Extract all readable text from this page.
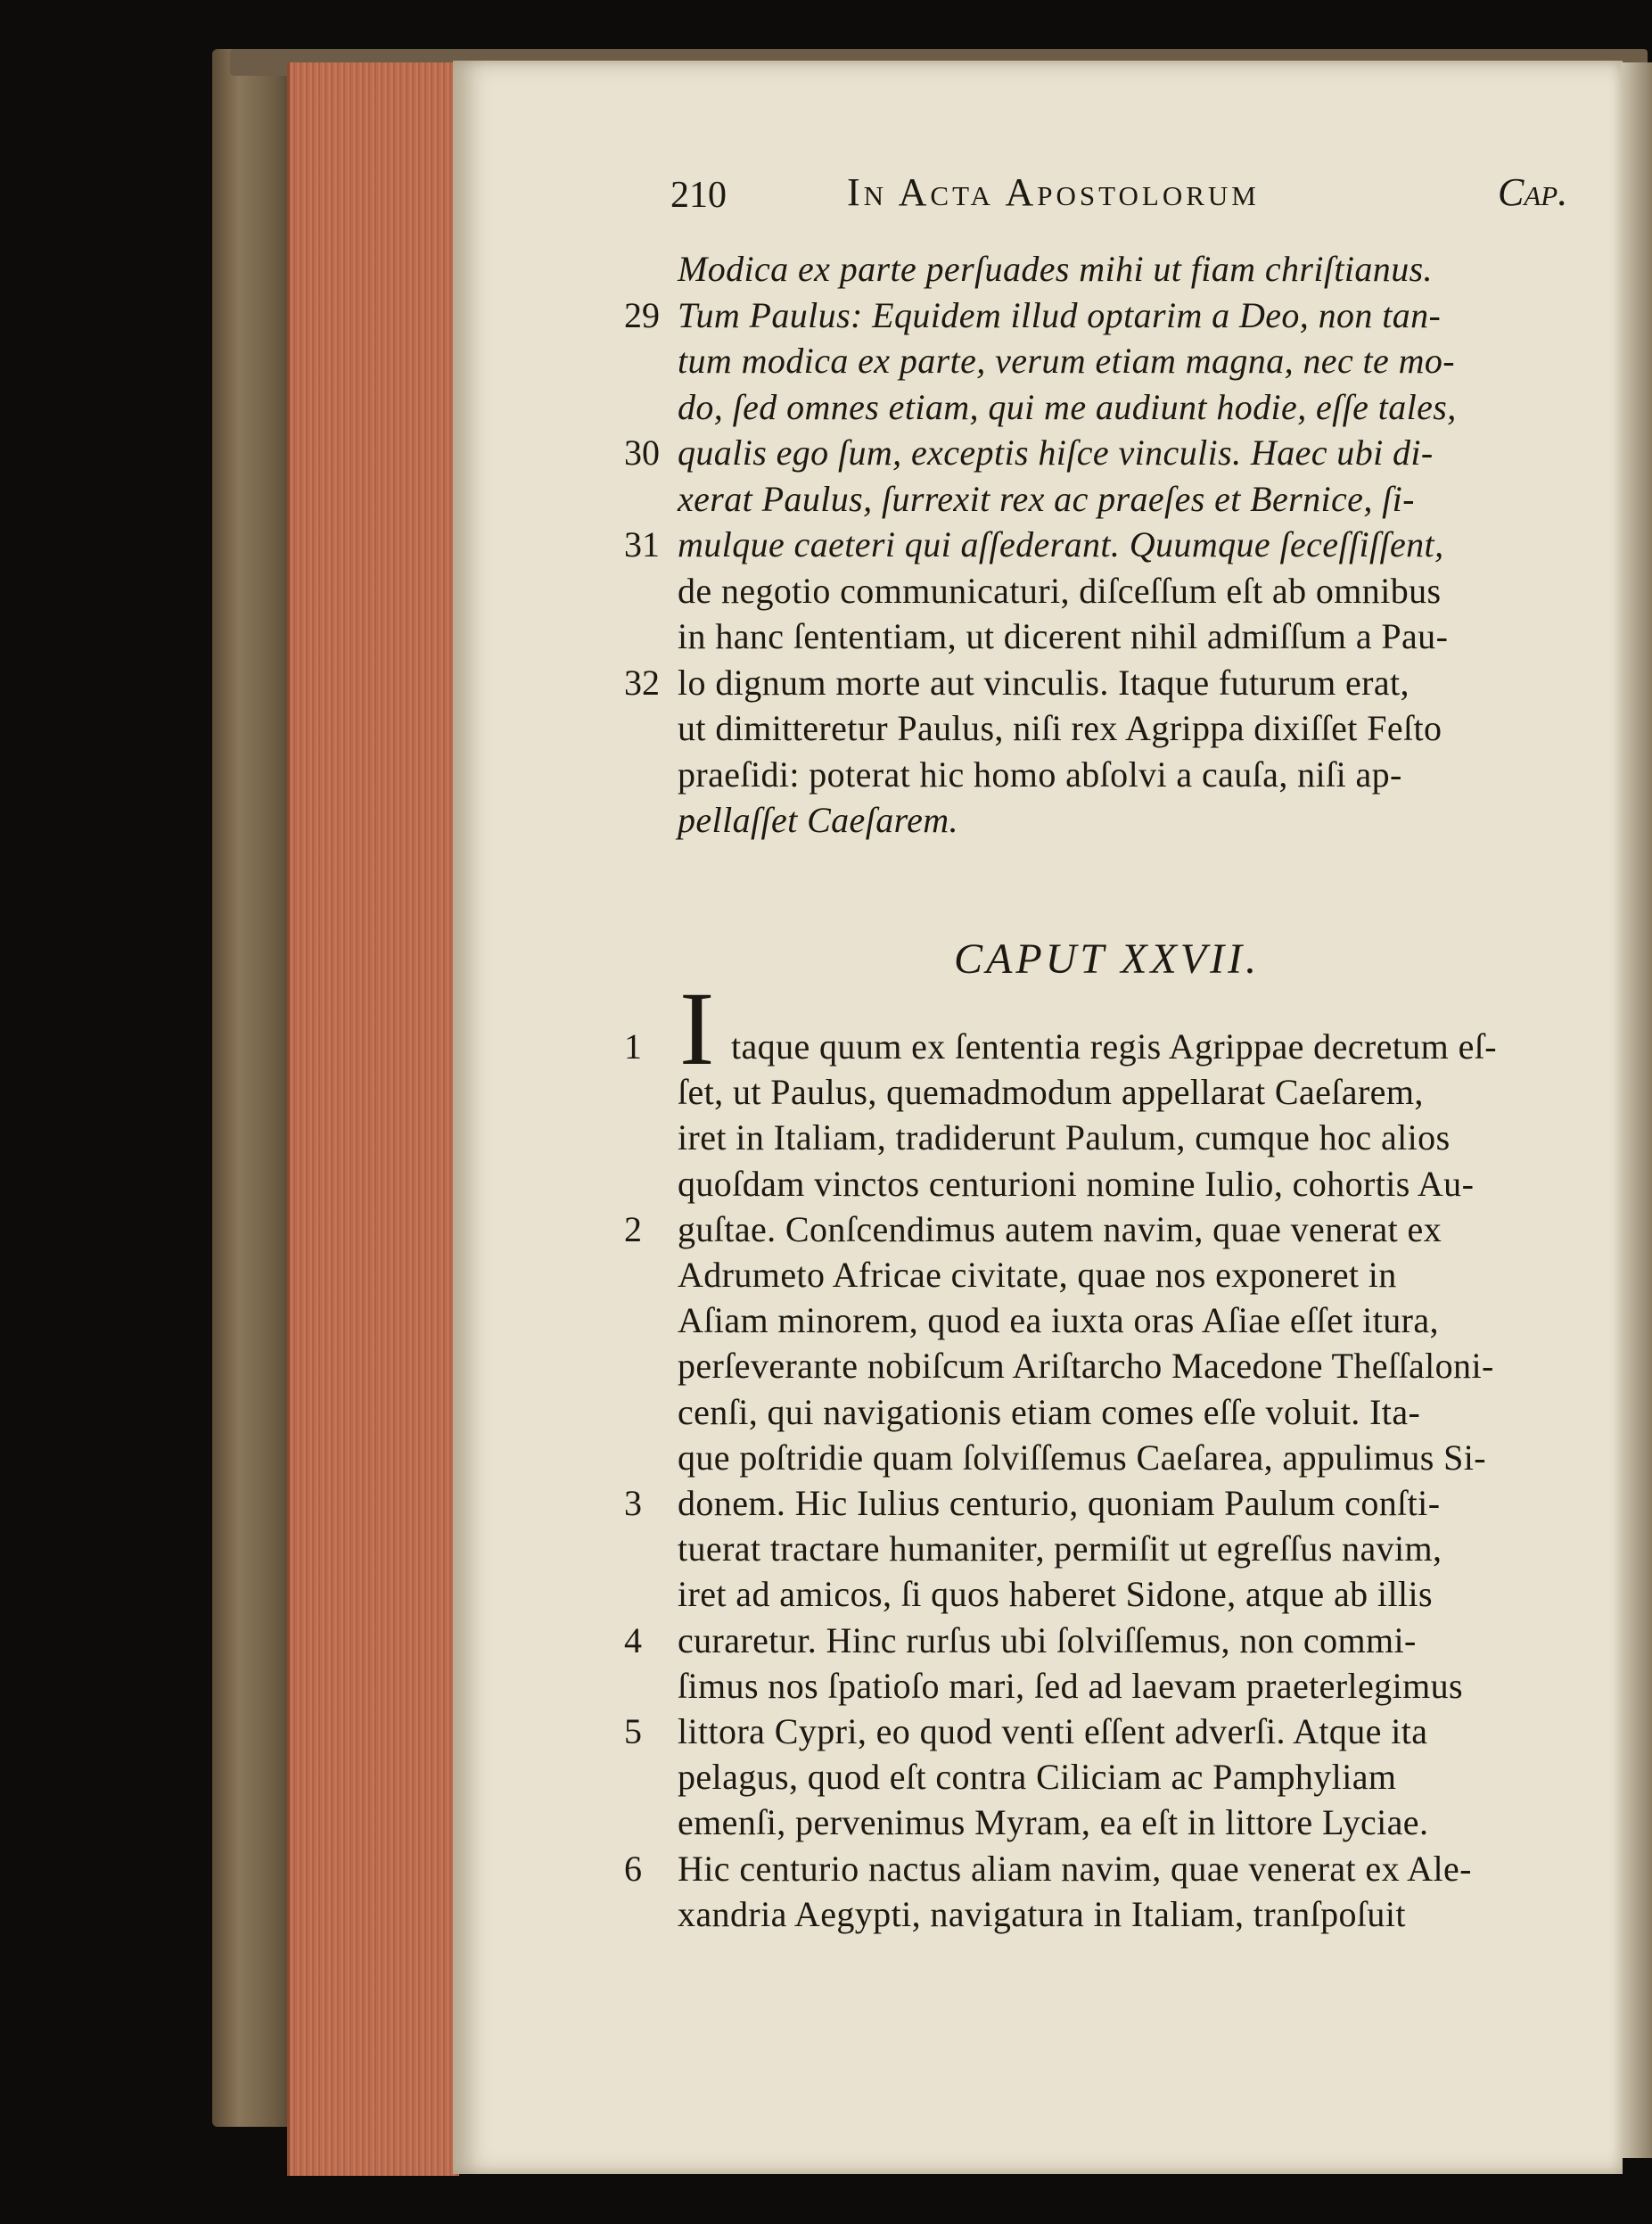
210	In Acta Apostolorum	Cap.
Modica ex parte perſuades mihi ut fiam chriſtianus.
29 Tum Paulus: Equidem illud optarim a Deo, non tan-
tum modica ex parte, verum etiam magna, nec te mo-
do, ſed omnes etiam, qui me audiunt hodie, eſſe tales,
30 qualis ego ſum, exceptis hiſce vinculis. Haec ubi di-
xerat Paulus, ſurrexit rex ac praeſes et Bernice, ſi-
31 mulque caeteri qui aſſederant. Quumque ſeceſſiſſent,
de negotio communicaturi, diſceſſum eſt ab omnibus
in hanc ſententiam, ut dicerent nihil admiſſum a Pau-
32 lo dignum morte aut vinculis. Itaque futurum erat,
ut dimitteretur Paulus, niſi rex Agrippa dixiſſet Feſto
praeſidi: poterat hic homo abſolvi a cauſa, niſi ap-
pellaſſet Caeſarem.
CAPUT XXVII.
I
1	taque quum ex ſententia regis Agrippae decretum eſ-
ſet, ut Paulus, quemadmodum appellarat Caeſarem,
iret in Italiam, tradiderunt Paulum, cumque hoc alios
quoſdam vinctos centurioni nomine Iulio, cohortis Au-
2 guſtae. Conſcendimus autem navim, quae venerat ex
Adrumeto Africae civitate, quae nos exponeret in
Aſiam minorem, quod ea iuxta oras Aſiae eſſet itura,
perſeverante nobiſcum Ariſtarcho Macedone Theſſaloni-
cenſi, qui navigationis etiam comes eſſe voluit. Ita-
que poſtridie quam ſolviſſemus Caeſarea, appulimus Si-
3 donem. Hic Iulius centurio, quoniam Paulum conſti-
tuerat tractare humaniter, permiſit ut egreſſus navim,
iret ad amicos, ſi quos haberet Sidone, atque ab illis
4 curaretur. Hinc rurſus ubi ſolviſſemus, non commi-
ſimus nos ſpatioſo mari, ſed ad laevam praeterlegimus
5 littora Cypri, eo quod venti eſſent adverſi. Atque ita
pelagus, quod eſt contra Ciliciam ac Pamphyliam
emenſi, pervenimus Myram, ea eſt in littore Lyciae.
6 Hic centurio nactus aliam navim, quae venerat ex Ale-
xandria Aegypti, navigatura in Italiam, tranſpoſuit
